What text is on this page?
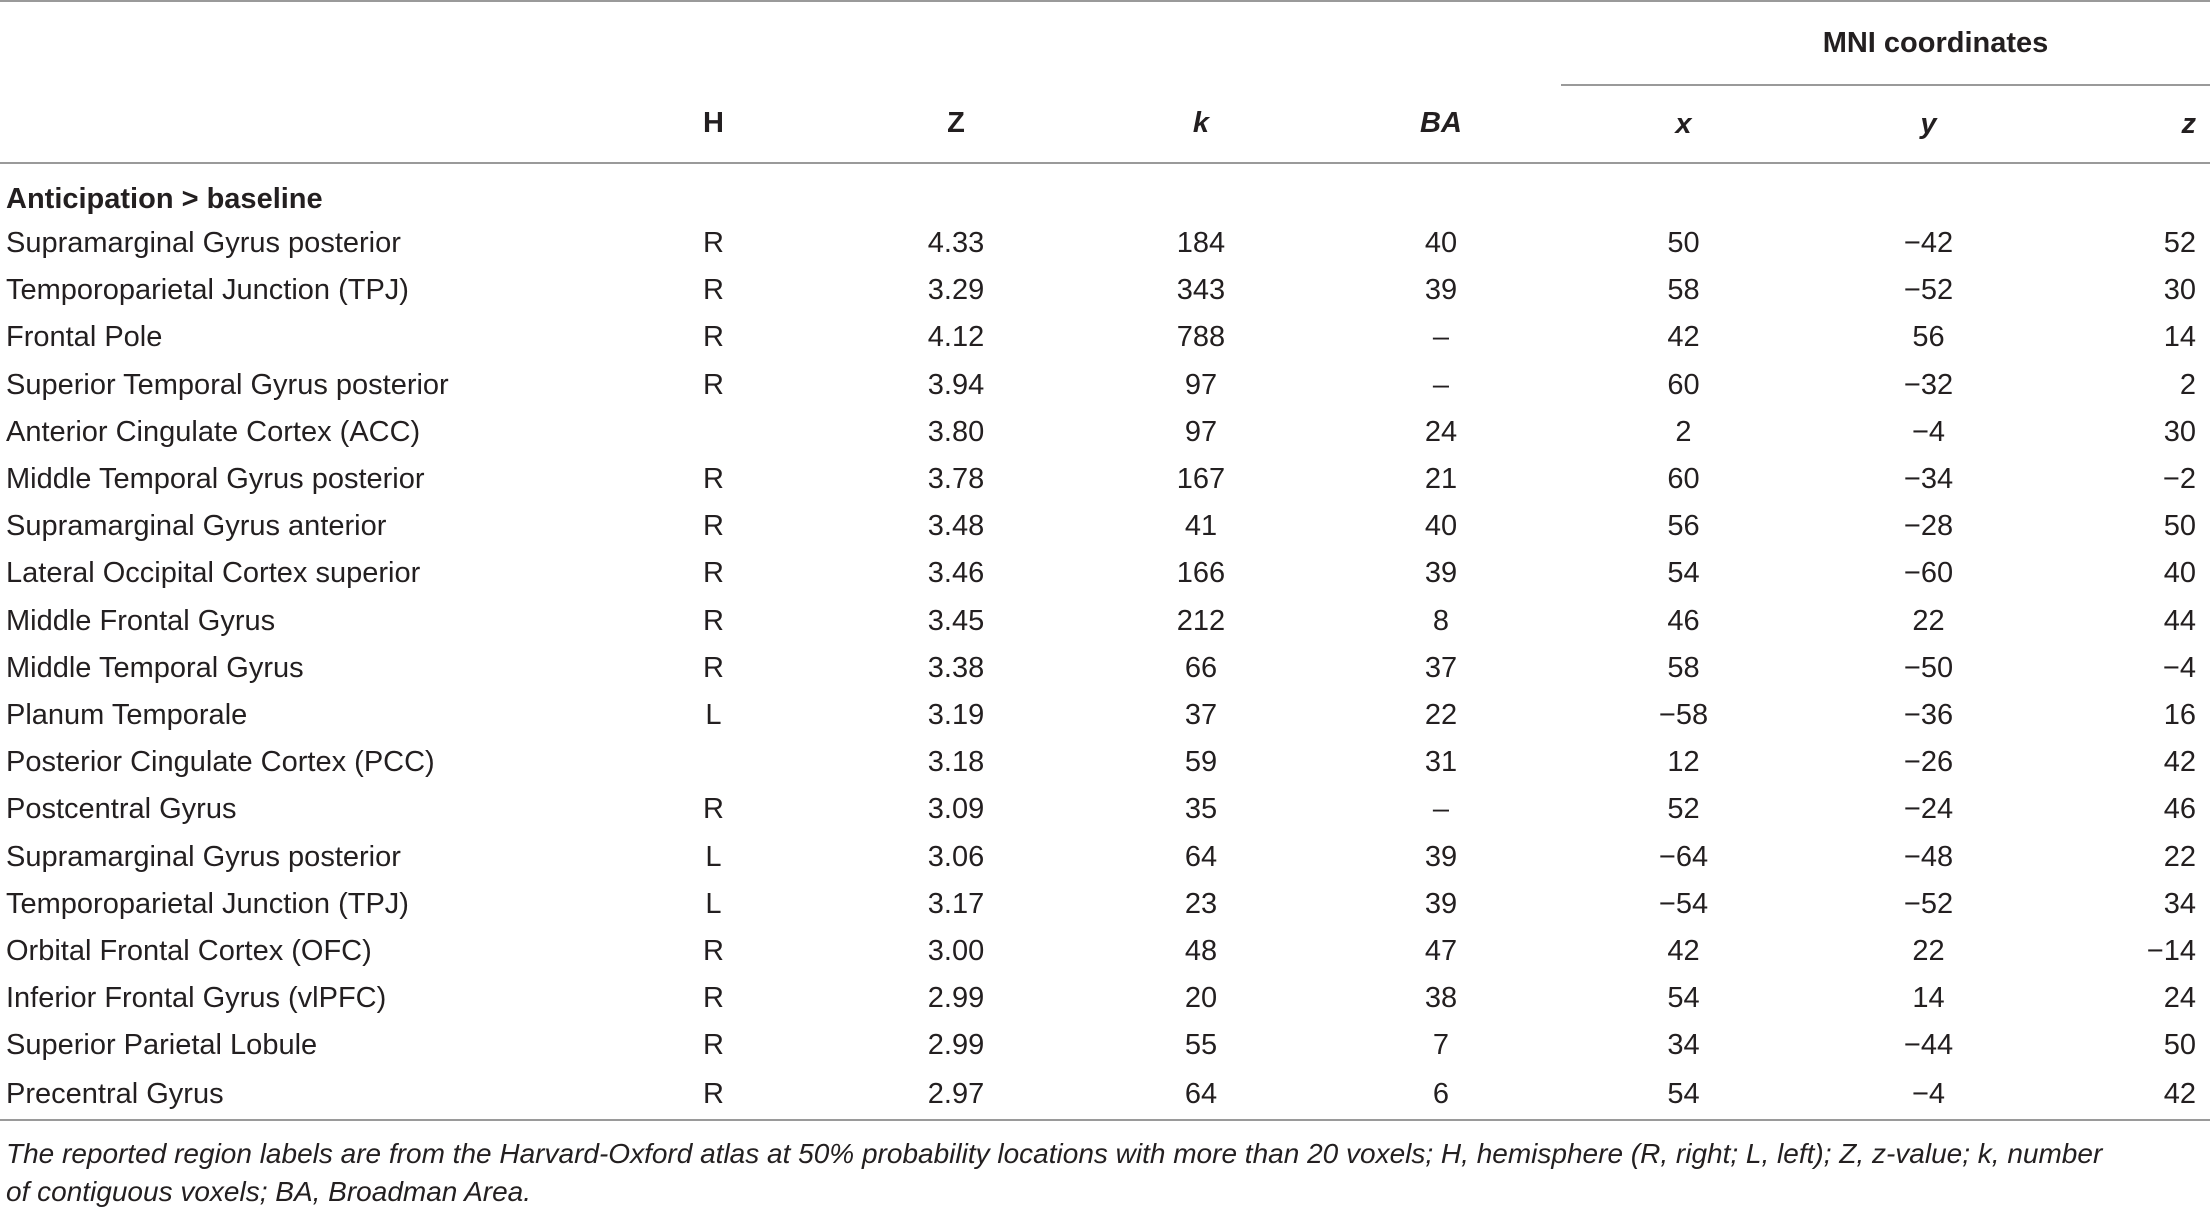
					MNI coordinates		
	H	Z	k	BA	x	y	z
Anticipation > baseline							
Supramarginal Gyrus posterior	R	4.33	184	40	50	−42	52
Temporoparietal Junction (TPJ)	R	3.29	343	39	58	−52	30
Frontal Pole	R	4.12	788	–	42	56	14
Superior Temporal Gyrus posterior	R	3.94	97	–	60	−32	2
Anterior Cingulate Cortex (ACC)		3.80	97	24	2	−4	30
Middle Temporal Gyrus posterior	R	3.78	167	21	60	−34	−2
Supramarginal Gyrus anterior	R	3.48	41	40	56	−28	50
Lateral Occipital Cortex superior	R	3.46	166	39	54	−60	40
Middle Frontal Gyrus	R	3.45	212	8	46	22	44
Middle Temporal Gyrus	R	3.38	66	37	58	−50	−4
Planum Temporale	L	3.19	37	22	−58	−36	16
Posterior Cingulate Cortex (PCC)		3.18	59	31	12	−26	42
Postcentral Gyrus	R	3.09	35	–	52	−24	46
Supramarginal Gyrus posterior	L	3.06	64	39	−64	−48	22
Temporoparietal Junction (TPJ)	L	3.17	23	39	−54	−52	34
Orbital Frontal Cortex (OFC)	R	3.00	48	47	42	22	−14
Inferior Frontal Gyrus (vlPFC)	R	2.99	20	38	54	14	24
Superior Parietal Lobule	R	2.99	55	7	34	−44	50
Precentral Gyrus	R	2.97	64	6	54	−4	42
The reported region labels are from the Harvard-Oxford atlas at 50% probability locations with more than 20 voxels; H, hemisphere (R, right; L, left); Z, z-value; k, number of contiguous voxels; BA, Broadman Area.
